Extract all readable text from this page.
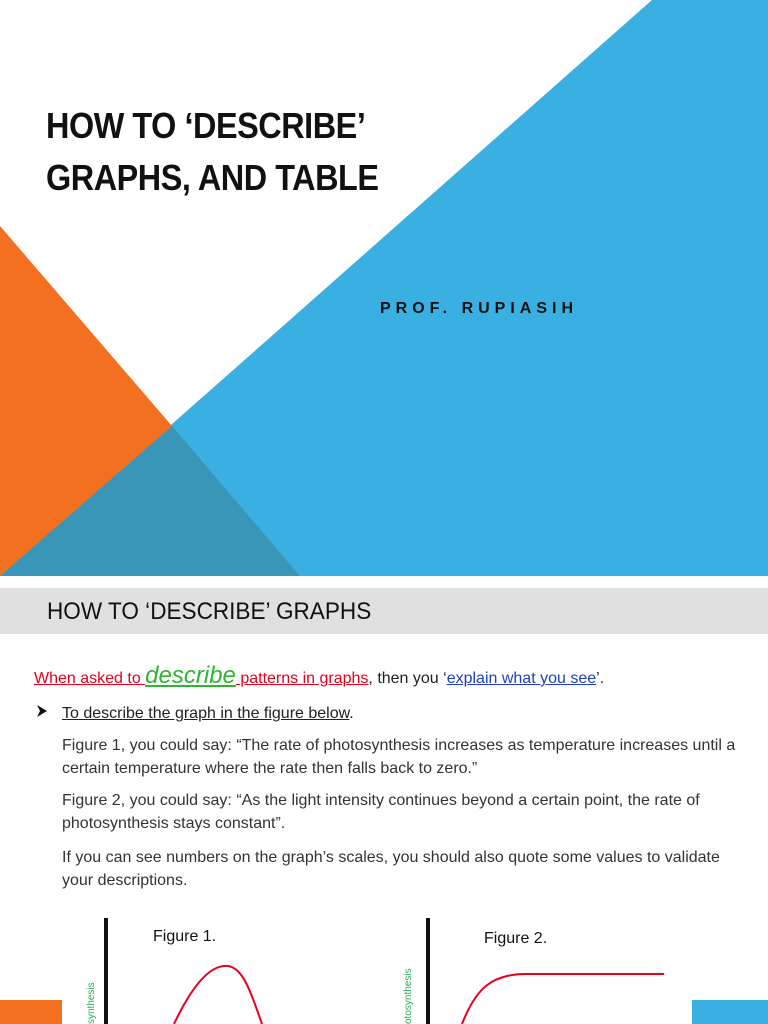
HOW TO ‘DESCRIBE’
GRAPHS, AND TABLE

PROF. RUPIASIH

HOW TO ‘DESCRIBE’ GRAPHS
When asked to describe patterns in graphs, then you ‘explain what you see’.
To describe the graph in the figure below.
Figure 1, you could say: “The rate of photosynthesis increases as temperature increases until a certain temperature where the rate then falls back to zero.”
Figure 2, you could say: “As the light intensity continues beyond a certain point, the rate of photosynthesis stays constant”.
If you can see numbers on the graph’s scales, you should also quote some values to validate your descriptions.
synthesis
Figure 1.
otosynthesis
Figure 2.
